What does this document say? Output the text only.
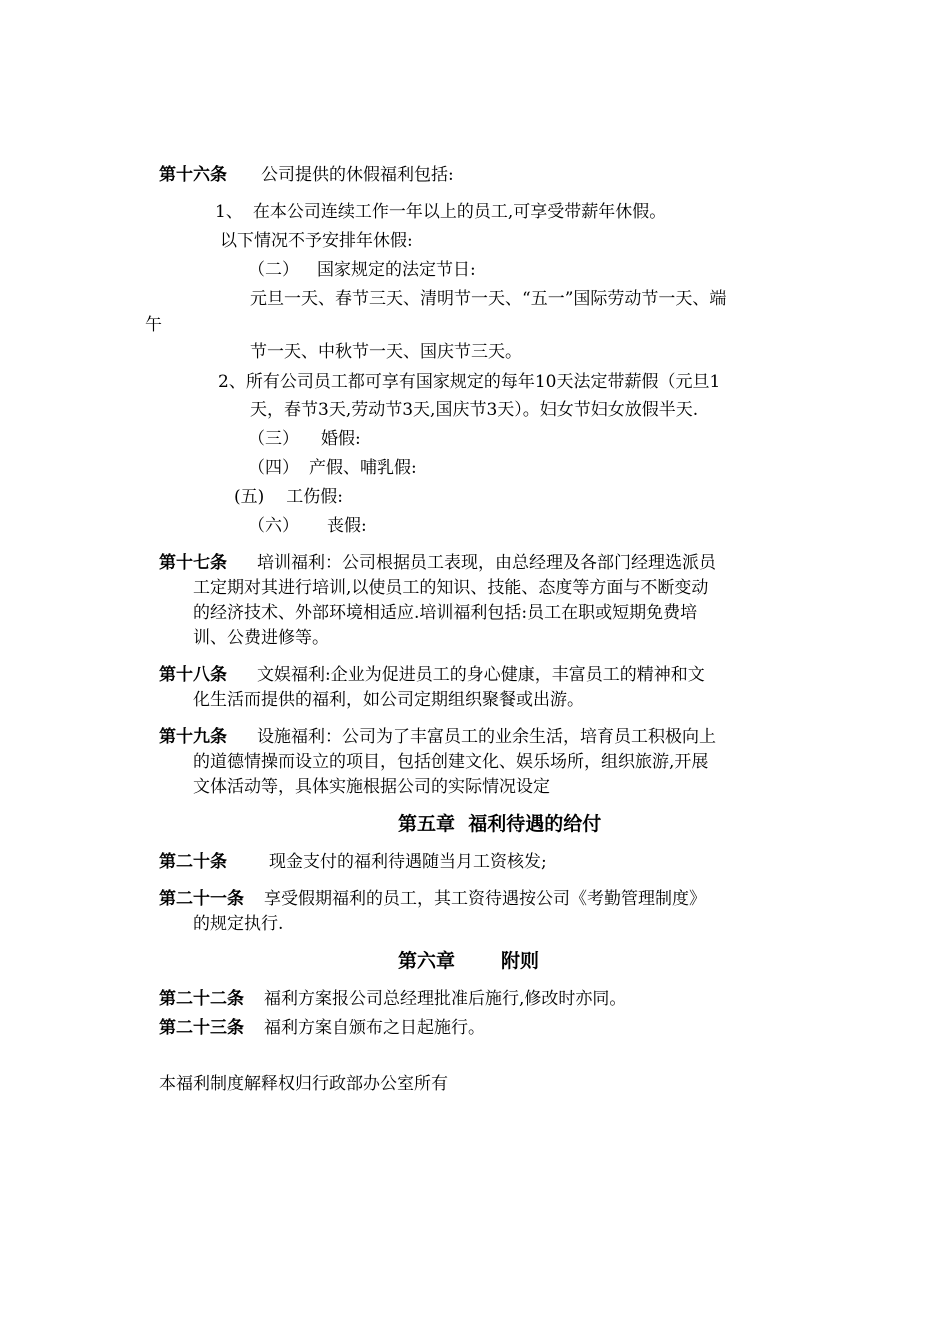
第十六条 公司提供的休假福利包括:
1、 在本公司连续工作一年以上的员工,可享受带薪年休假。
以下情况不予安排年休假:
（二） 国家规定的法定节日:
元旦一天、春节三天、清明节一天、“五一”国际劳动节一天、端
午
节一天、中秋节一天、国庆节三天。
2、所有公司员工都可享有国家规定的每年10天法定带薪假（元旦1
天，春节3天,劳动节3天,国庆节3天）。妇女节妇女放假半天.
（三） 婚假:
（四） 产假、哺乳假:
(五) 工伤假:
（六） 丧假:
第十七条 培训福利：公司根据员工表现，由总经理及各部门经理选派员
工定期对其进行培训,以使员工的知识、技能、态度等方面与不断变动
的经济技术、外部环境相适应.培训福利包括:员工在职或短期免费培
训、公费进修等。
第十八条 文娱福利:企业为促进员工的身心健康，丰富员工的精神和文
化生活而提供的福利，如公司定期组织聚餐或出游。
第十九条 设施福利：公司为了丰富员工的业余生活，培育员工积极向上
的道德情操而设立的项目，包括创建文化、娱乐场所，组织旅游,开展
文体活动等，具体实施根据公司的实际情况设定
第五章  福利待遇的给付
第二十条 现金支付的福利待遇随当月工资核发;
第二十一条 享受假期福利的员工，其工资待遇按公司《考勤管理制度》
的规定执行.
第六章 附则
第二十二条 福利方案报公司总经理批准后施行,修改时亦同。
第二十三条 福利方案自颁布之日起施行。
本福利制度解释权归行政部办公室所有
